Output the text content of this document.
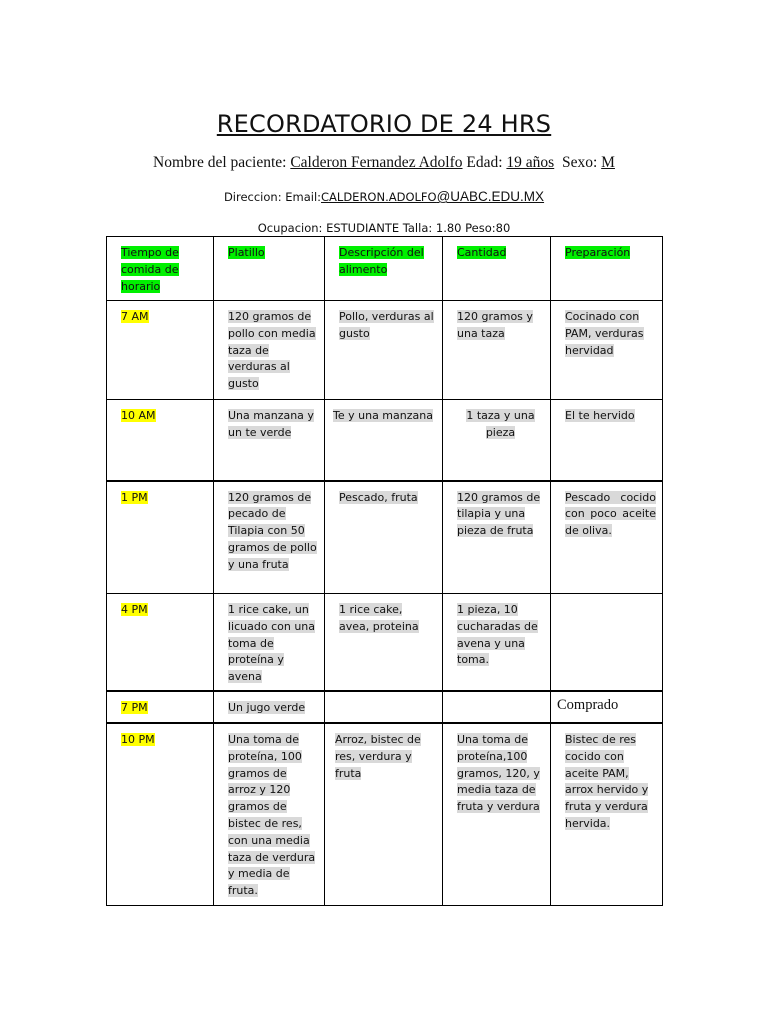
RECORDATORIO DE 24 HRS
Nombre del paciente: Calderon Fernandez Adolfo Edad: 19 años Sexo: M
Direccion: Email:CALDERON.ADOLFO@UABC.EDU.MX
Ocupacion: ESTUDIANTE Talla: 1.80 Peso:80
Tiempo de comida de horario	Platillo	Descripción del alimento	Cantidad	Preparación
7 AM	120 gramos de pollo con media taza de verduras al gusto	Pollo, verduras al gusto	120 gramos y una taza	Cocinado con PAM, verduras hervidad
10 AM	Una manzana y un te verde	Te y una manzana	1 taza y una pieza	El te hervido
1 PM	120 gramos de pecado de Tilapia con 50 gramos de pollo y una fruta	Pescado, fruta	120 gramos de tilapia y una pieza de fruta	Pescado cocido con poco aceite de oliva.
4 PM	1 rice cake, un licuado con una toma de proteína y avena	1 rice cake, avea, proteina	1 pieza, 10 cucharadas de avena y una toma.	
7 PM	Un jugo verde			Comprado
10 PM	Una toma de proteína, 100 gramos de arroz y 120 gramos de bistec de res, con una media taza de verdura y media de fruta.	Arroz, bistec de res, verdura y fruta	Una toma de proteína,100 gramos, 120, y media taza de fruta y verdura	Bistec de res cocido con aceite PAM, arrox hervido y fruta y verdura hervida.
